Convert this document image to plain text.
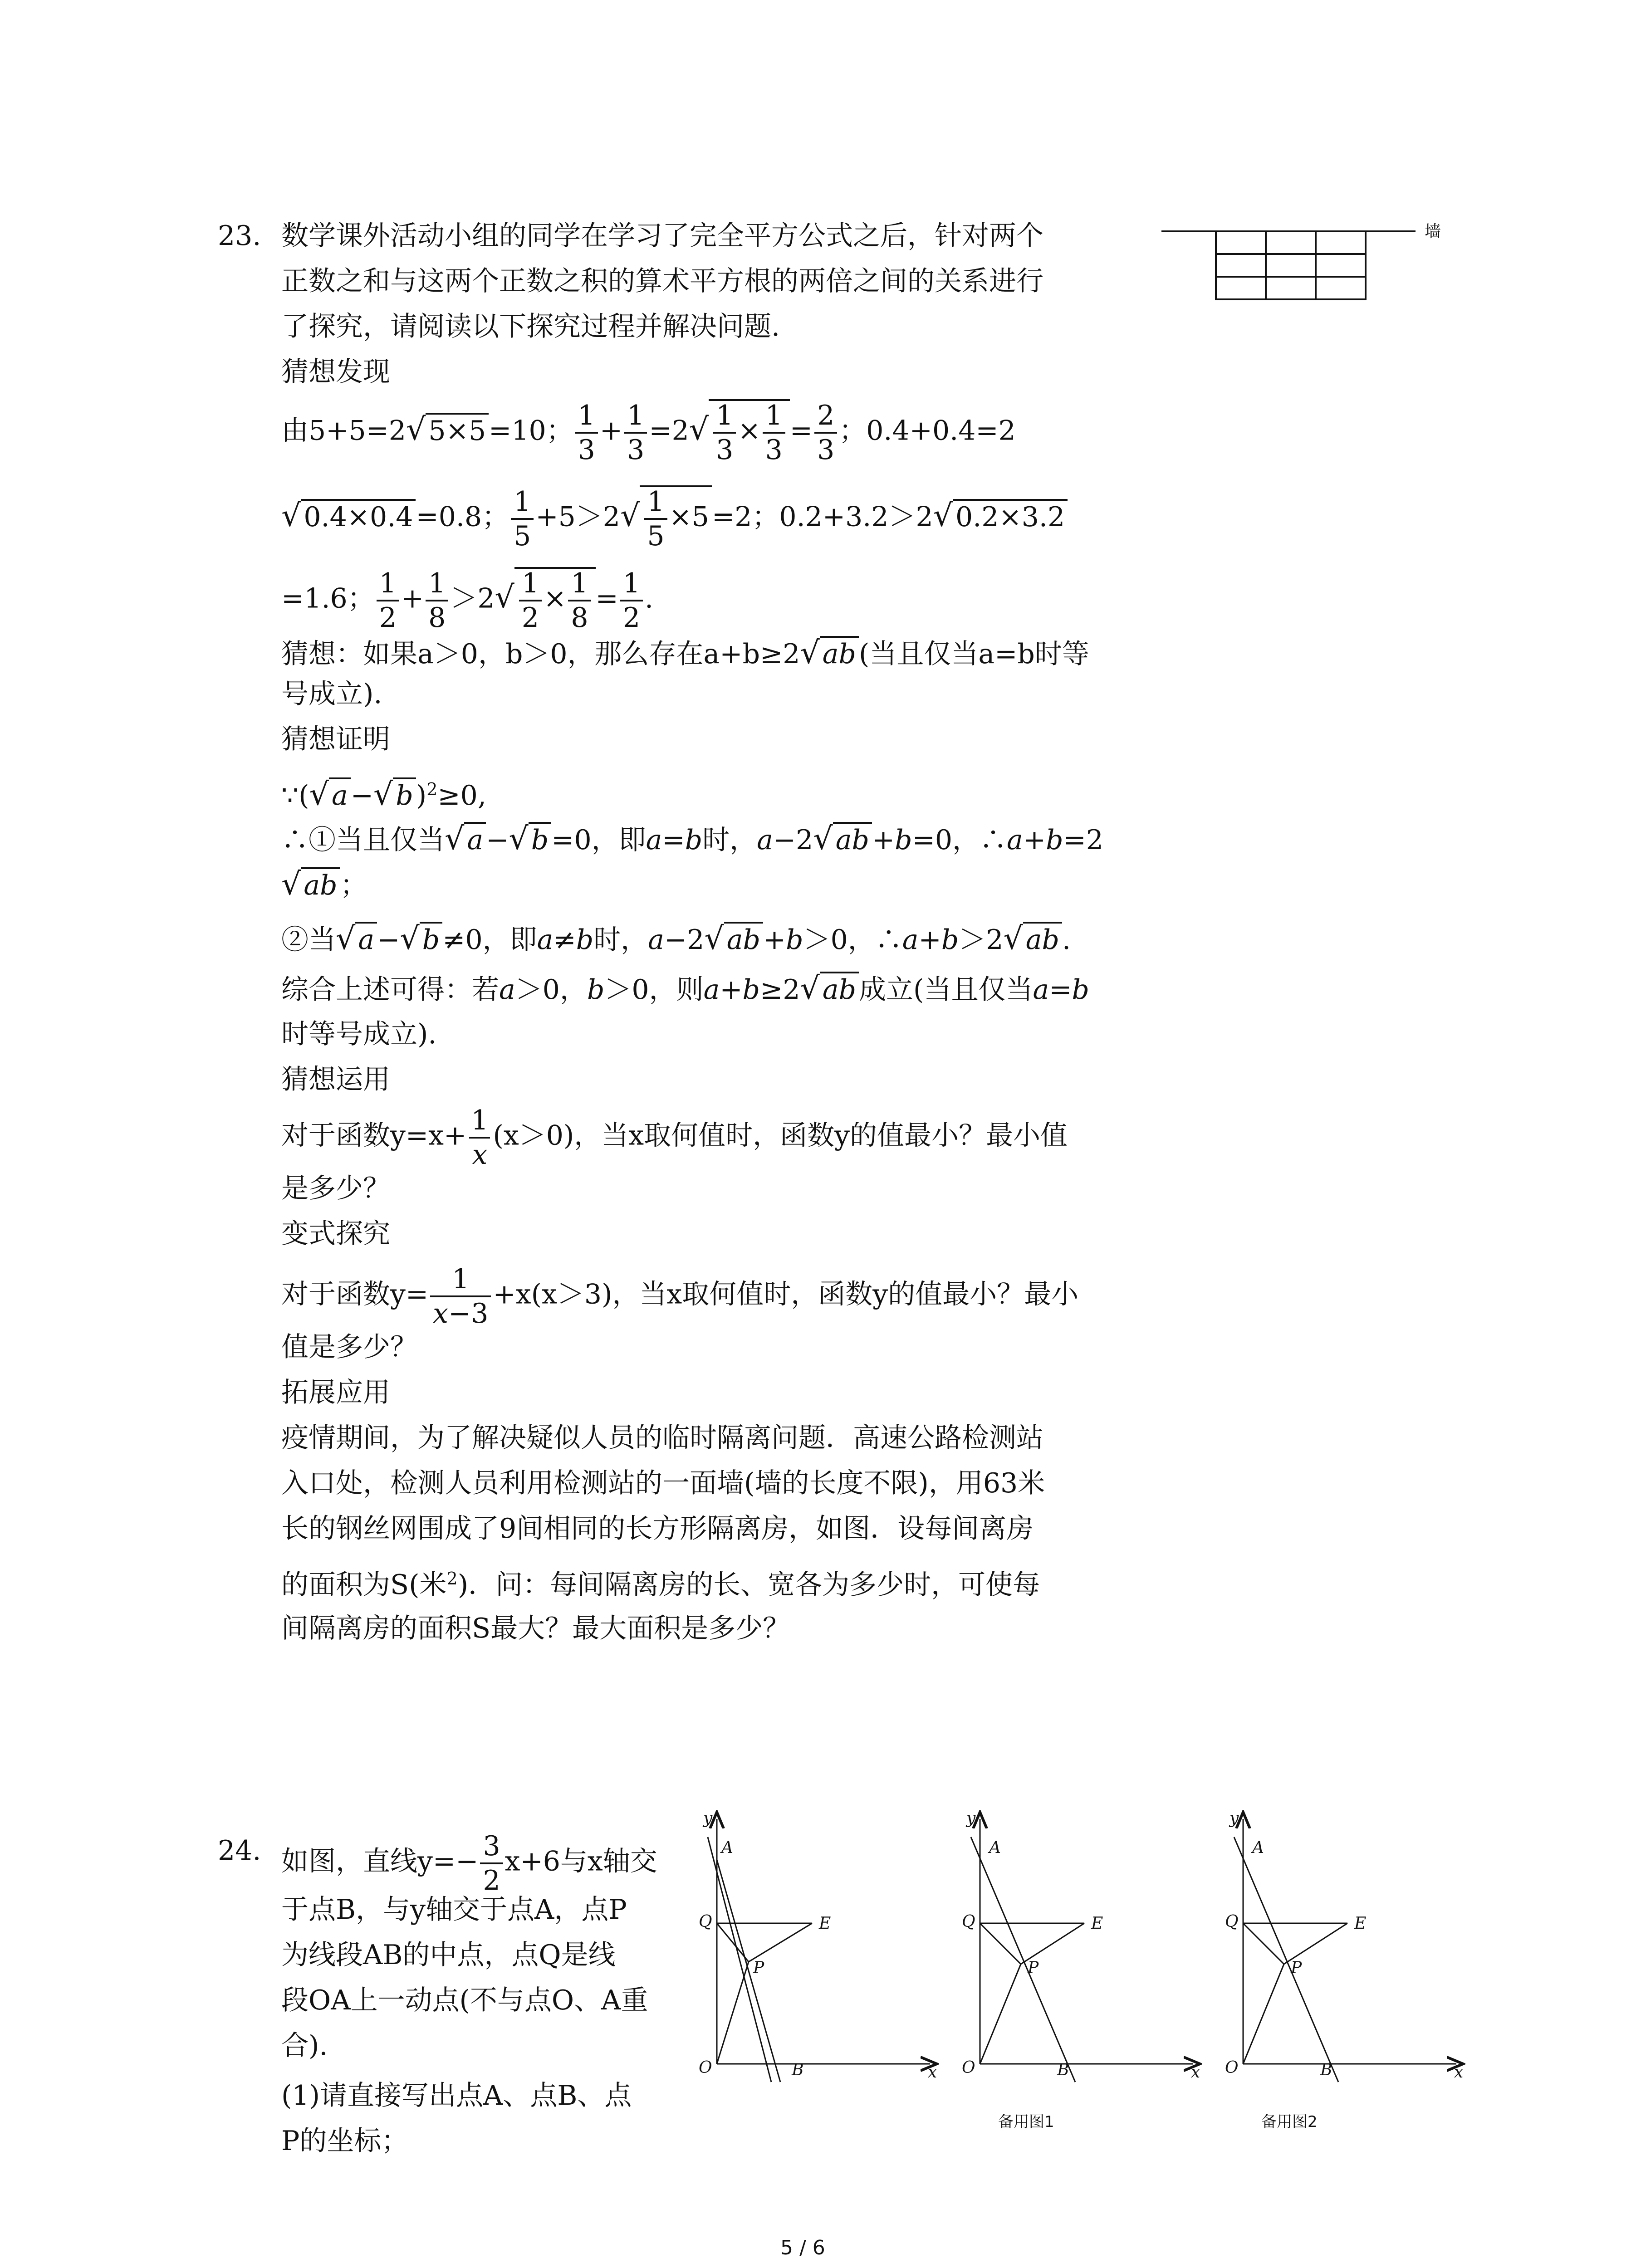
23. 数学课外活动小组的同学在学习了完全平方公式之后，针对两个
正数之和与这两个正数之积的算术平方根的两倍之间的关系进行
了探究，请阅读以下探究过程并解决问题.
墙
猜想发现
由5+5=2√ 5×5 =10； $\frac{1}{3} + \frac{1}{3} =2√ \frac{1}{3} \times \frac{1}{3} = \frac{2}{3}$ ；0.4+0.4=2
√ 0.4×0.4 =0.8； $\frac{1}{5} +5>2√ \frac{1}{5} \times 5 =2$；0.2+3.2＞2√ 0.2×3.2
=1.6； $\frac{1}{2} + \frac{1}{8} >2√ \frac{1}{2} \times \frac{1}{8} = \frac{1}{2}$ .
猜想：如果a＞0，b＞0，那么存在a+b≥2√ ab (当且仅当a=b时等
号成立).
猜想证明
∵(√ a −√ b )$^2$≥0,
∴①当且仅当√ a −√ b =0，即a=b时，a−2√ ab +b=0，∴a+b=2
√ ab ；
②当√ a −√ b ≠0，即a≠b时，a−2√ ab +b＞0，∴a+b＞2√ ab .
综合上述可得：若a＞0，b＞0，则a+b≥2√ ab 成立(当且仅当a=b
时等号成立).
猜想运用
对于函数$y=x+ \frac{1}{x} (x>0)$，当x取何值时，函数y的值最小？最小值
是多少？
变式探究
对于函数$y= \frac{1}{x-3} +x(x>3)$，当x取何值时，函数y的值最小？最小
值是多少？
拓展应用
疫情期间，为了解决疑似人员的临时隔离问题．高速公路检测站
入口处，检测人员利用检测站的一面墙(墙的长度不限)，用63米
长的钢丝网围成了9间相同的长方形隔离房，如图．设每间离房
的面积为S(米$^2$)．问：每间隔离房的长、宽各为多少时，可使每
间隔离房的面积S最大？最大面积是多少？
24. 如图，直线$y=- \frac{3}{2} x+6$与x轴交
于点B，与y轴交于点A，点P
为线段AB的中点，点Q是线
段OA上一动点(不与点O、A重
合).
(1)请直接写出点A、点B、点
P的坐标；
y
A
Q	E
P
O	B	x
y
A
Q	E
P
O	B	x
备用图1
y
A
Q	E
P
O	B	x
备用图2
5 / 6
